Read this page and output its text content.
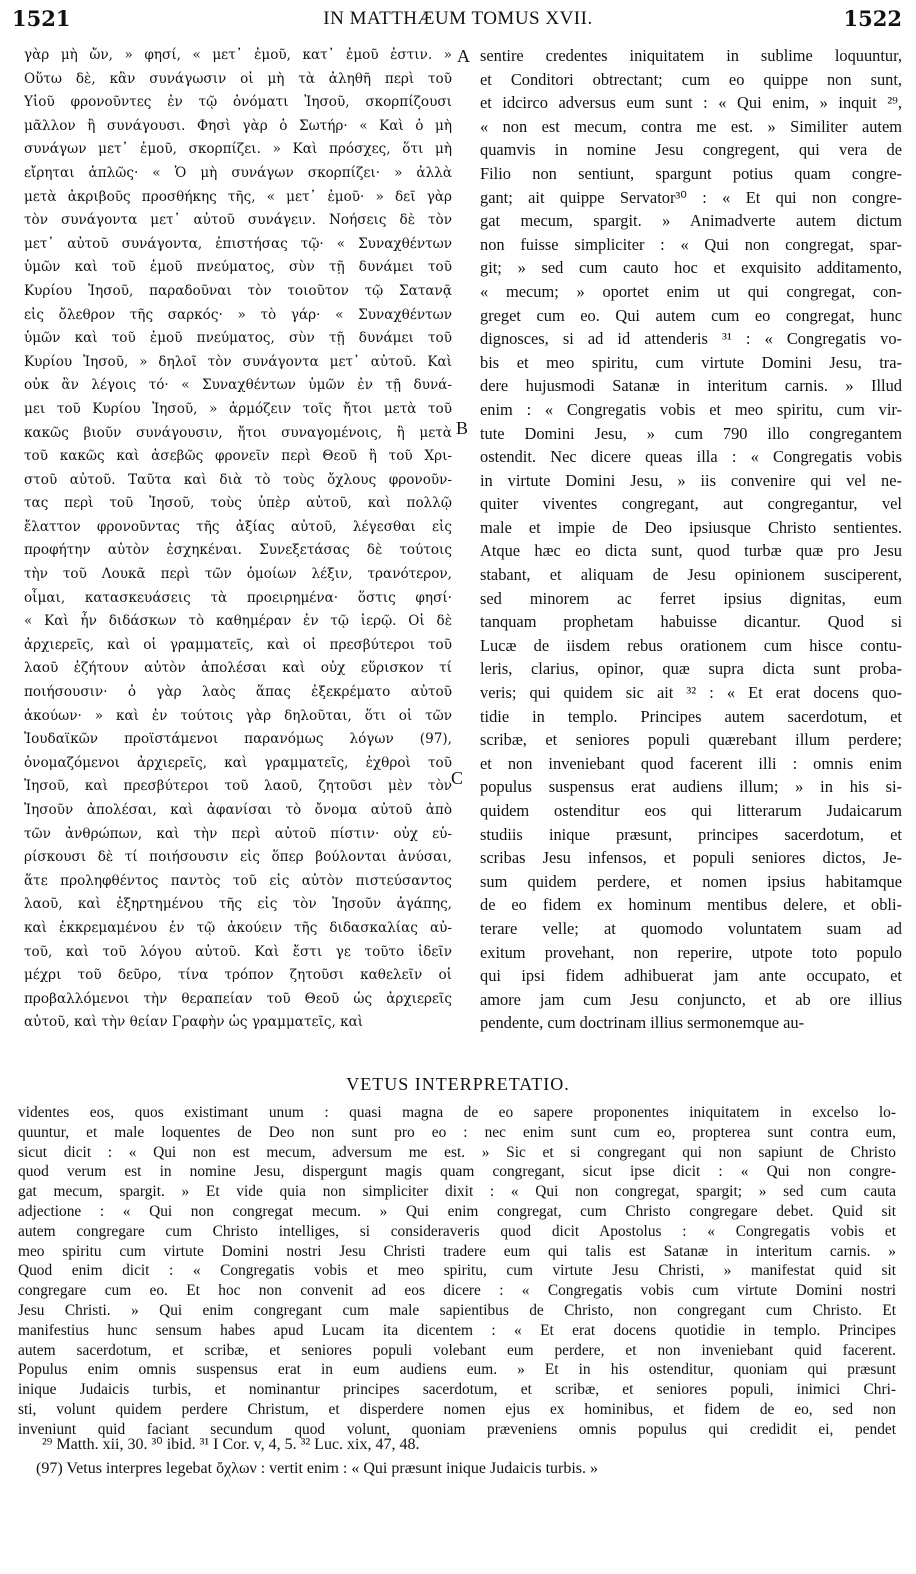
1521	IN MATTHÆUM TOMUS XVII.	1522
γὰρ μὴ ὤν, » φησί, « μετ᾽ ἐμοῦ, κατ᾽ ἐμοῦ ἐστιν. »
Οὕτω δὲ, κἂν συνάγωσιν οἱ μὴ τὰ ἀληθῆ περὶ τοῦ
Υἱοῦ φρονοῦντες ἐν τῷ ὀνόματι Ἰησοῦ, σκορπίζουσι
μᾶλλον ἢ συνάγουσι. Φησὶ γὰρ ὁ Σωτήρ· « Καὶ ὁ μὴ
συνάγων μετ᾽ ἐμοῦ, σκορπίζει. » Καὶ πρόσχες, ὅτι μὴ
εἴρηται ἁπλῶς· « Ὁ μὴ συνάγων σκορπίζει· » ἀλλὰ
μετὰ ἀκριβοῦς προσθήκης τῆς, « μετ᾽ ἐμοῦ· » δεῖ γὰρ
τὸν συνάγοντα μετ᾽ αὐτοῦ συνάγειν. Νοήσεις δὲ τὸν
μετ᾽ αὐτοῦ συνάγοντα, ἐπιστήσας τῷ· « Συναχθέντων
ὑμῶν καὶ τοῦ ἐμοῦ πνεύματος, σὺν τῇ δυνάμει τοῦ
Κυρίου Ἰησοῦ, παραδοῦναι τὸν τοιοῦτον τῷ Σατανᾷ
εἰς ὄλεθρον τῆς σαρκός· » τὸ γάρ· « Συναχθέντων
ὑμῶν καὶ τοῦ ἐμοῦ πνεύματος, σὺν τῇ δυνάμει τοῦ
Κυρίου Ἰησοῦ, » δηλοῖ τὸν συνάγοντα μετ᾽ αὐτοῦ. Καὶ
οὐκ ἂν λέγοις τό· « Συναχθέντων ὑμῶν ἐν τῇ δυνά-
μει τοῦ Κυρίου Ἰησοῦ, » ἁρμόζειν τοῖς ἤτοι μετὰ τοῦ
κακῶς βιοῦν συνάγουσιν, ἤτοι συναγομένοις, ἢ μετὰ
τοῦ κακῶς καὶ ἀσεβῶς φρονεῖν περὶ Θεοῦ ἢ τοῦ Χρι-
στοῦ αὐτοῦ. Ταῦτα καὶ διὰ τὸ τοὺς ὄχλους φρονοῦν-
τας περὶ τοῦ Ἰησοῦ, τοὺς ὑπὲρ αὐτοῦ, καὶ πολλῷ
ἔλαττον φρονοῦντας τῆς ἀξίας αὐτοῦ, λέγεσθαι εἰς
προφήτην αὐτὸν ἐσχηκέναι. Συνεξετάσας δὲ τούτοις
τὴν τοῦ Λουκᾶ περὶ τῶν ὁμοίων λέξιν, τρανότερον,
οἶμαι, κατασκευάσεις τὰ προειρημένα· ὅστις φησί·
« Καὶ ἦν διδάσκων τὸ καθημέραν ἐν τῷ ἱερῷ. Οἱ δὲ
ἀρχιερεῖς, καὶ οἱ γραμματεῖς, καὶ οἱ πρεσβύτεροι τοῦ
λαοῦ ἐζήτουν αὐτὸν ἀπολέσαι καὶ οὐχ εὕρισκον τί
ποιήσουσιν· ὁ γὰρ λαὸς ἅπας ἐξεκρέματο αὐτοῦ
ἀκούων· » καὶ ἐν τούτοις γὰρ δηλοῦται, ὅτι οἱ τῶν
Ἰουδαϊκῶν προϊστάμενοι παρανόμως λόγων (97),
ὀνομαζόμενοι ἀρχιερεῖς, καὶ γραμματεῖς, ἐχθροὶ τοῦ
Ἰησοῦ, καὶ πρεσβύτεροι τοῦ λαοῦ, ζητοῦσι μὲν τὸν
Ἰησοῦν ἀπολέσαι, καὶ ἀφανίσαι τὸ ὄνομα αὐτοῦ ἀπὸ
τῶν ἀνθρώπων, καὶ τὴν περὶ αὐτοῦ πίστιν· οὐχ εὑ-
ρίσκουσι δὲ τί ποιήσουσιν εἰς ὅπερ βούλονται ἀνύσαι,
ἅτε προληφθέντος παντὸς τοῦ εἰς αὐτὸν πιστεύσαντος
λαοῦ, καὶ ἐξηρτημένου τῆς εἰς τὸν Ἰησοῦν ἀγάπης,
καὶ ἐκκρεμαμένου ἐν τῷ ἀκούειν τῆς διδασκαλίας αὐ-
τοῦ, καὶ τοῦ λόγου αὐτοῦ. Καὶ ἔστι γε τοῦτο ἰδεῖν
μέχρι τοῦ δεῦρο, τίνα τρόπον ζητοῦσι καθελεῖν οἱ
προβαλλόμενοι τὴν θεραπείαν τοῦ Θεοῦ ὡς ἀρχιερεῖς
αὐτοῦ, καὶ τὴν θείαν Γραφὴν ὡς γραμματεῖς, καὶ
sentire credentes iniquitatem in sublime loquuntur,
et Conditori obtrectant; cum eo quippe non sunt,
et idcirco adversus eum sunt : « Qui enim, » inquit ²⁹,
« non est mecum, contra me est. » Similiter autem
quamvis in nomine Jesu congregent, qui vera de
Filio non sentiunt, spargunt potius quam congre-
gant; ait quippe Servator³⁰ : « Et qui non congre-
gat mecum, spargit. » Animadverte autem dictum
non fuisse simpliciter : « Qui non congregat, spar-
git; » sed cum cauto hoc et exquisito additamento,
« mecum; » oportet enim ut qui congregat, con-
greget cum eo. Qui autem cum eo congregat, hunc
dignosces, si ad id attenderis ³¹ : « Congregatis vo-
bis et meo spiritu, cum virtute Domini Jesu, tra-
dere hujusmodi Satanæ in interitum carnis. » Illud
enim : « Congregatis vobis et meo spiritu, cum vir-
tute Domini Jesu, » cum 790 illo congregantem
ostendit. Nec dicere queas illa : « Congregatis vobis
in virtute Domini Jesu, » iis convenire qui vel ne-
quiter viventes congregant, aut congregantur, vel
male et impie de Deo ipsiusque Christo sentientes.
Atque hæc eo dicta sunt, quod turbæ quæ pro Jesu
stabant, et aliquam de Jesu opinionem susciperent,
sed minorem ac ferret ipsius dignitas, eum
tanquam prophetam habuisse dicantur. Quod si
Lucæ de iisdem rebus orationem cum hisce contu-
leris, clarius, opinor, quæ supra dicta sunt proba-
veris; qui quidem sic ait ³² : « Et erat docens quo-
tidie in templo. Principes autem sacerdotum, et
scribæ, et seniores populi quærebant illum perdere;
et non inveniebant quod facerent illi : omnis enim
populus suspensus erat audiens illum; » in his si-
quidem ostenditur eos qui litterarum Judaicarum
studiis inique præsunt, principes sacerdotum, et
scribas Jesu infensos, et populi seniores dictos, Je-
sum quidem perdere, et nomen ipsius habitamque
de eo fidem ex hominum mentibus delere, et obli-
terare velle; at quomodo voluntatem suam ad
exitum provehant, non reperire, utpote toto populo
qui ipsi fidem adhibuerat jam ante occupato, et
amore jam cum Jesu conjuncto, et ab ore illius
pendente, cum doctrinam illius sermonemque au-
A
B
C
VETUS INTERPRETATIO.
videntes eos, quos existimant unum : quasi magna de eo sapere proponentes iniquitatem in excelso lo-
quuntur, et male loquentes de Deo non sunt pro eo : nec enim sunt cum eo, propterea sunt contra eum,
sicut dicit : « Qui non est mecum, adversum me est. » Sic et si congregant qui non sapiunt de Christo
quod verum est in nomine Jesu, dispergunt magis quam congregant, sicut ipse dicit : « Qui non congre-
gat mecum, spargit. » Et vide quia non simpliciter dixit : « Qui non congregat, spargit; » sed cum cauta
adjectione : « Qui non congregat mecum. » Qui enim congregat, cum Christo congregare debet. Quid sit
autem congregare cum Christo intelliges, si consideraveris quod dicit Apostolus : « Congregatis vobis et
meo spiritu cum virtute Domini nostri Jesu Christi tradere eum qui talis est Satanæ in interitum carnis. »
Quod enim dicit : « Congregatis vobis et meo spiritu, cum virtute Jesu Christi, » manifestat quid sit
congregare cum eo. Et hoc non convenit ad eos dicere : « Congregatis vobis cum virtute Domini nostri
Jesu Christi. » Qui enim congregant cum male sapientibus de Christo, non congregant cum Christo. Et
manifestius hunc sensum habes apud Lucam ita dicentem : « Et erat docens quotidie in templo. Principes
autem sacerdotum, et scribæ, et seniores populi volebant eum perdere, et non inveniebant quid facerent.
Populus enim omnis suspensus erat in eum audiens eum. » Et in his ostenditur, quoniam qui præsunt
inique Judaicis turbis, et nominantur principes sacerdotum, et scribæ, et seniores populi, inimici Chri-
sti, volunt quidem perdere Christum, et disperdere nomen ejus ex hominibus, et fidem de eo, sed non
inveniunt quid faciant secundum quod volunt, quoniam præveniens omnis populus qui credidit ei, pendet
²⁹ Matth. xii, 30. ³⁰ ibid. ³¹ I Cor. v, 4, 5. ³² Luc. xix, 47, 48.
(97) Vetus interpres legebat ὄχλων : vertit enim : « Qui præsunt inique Judaicis turbis. »
